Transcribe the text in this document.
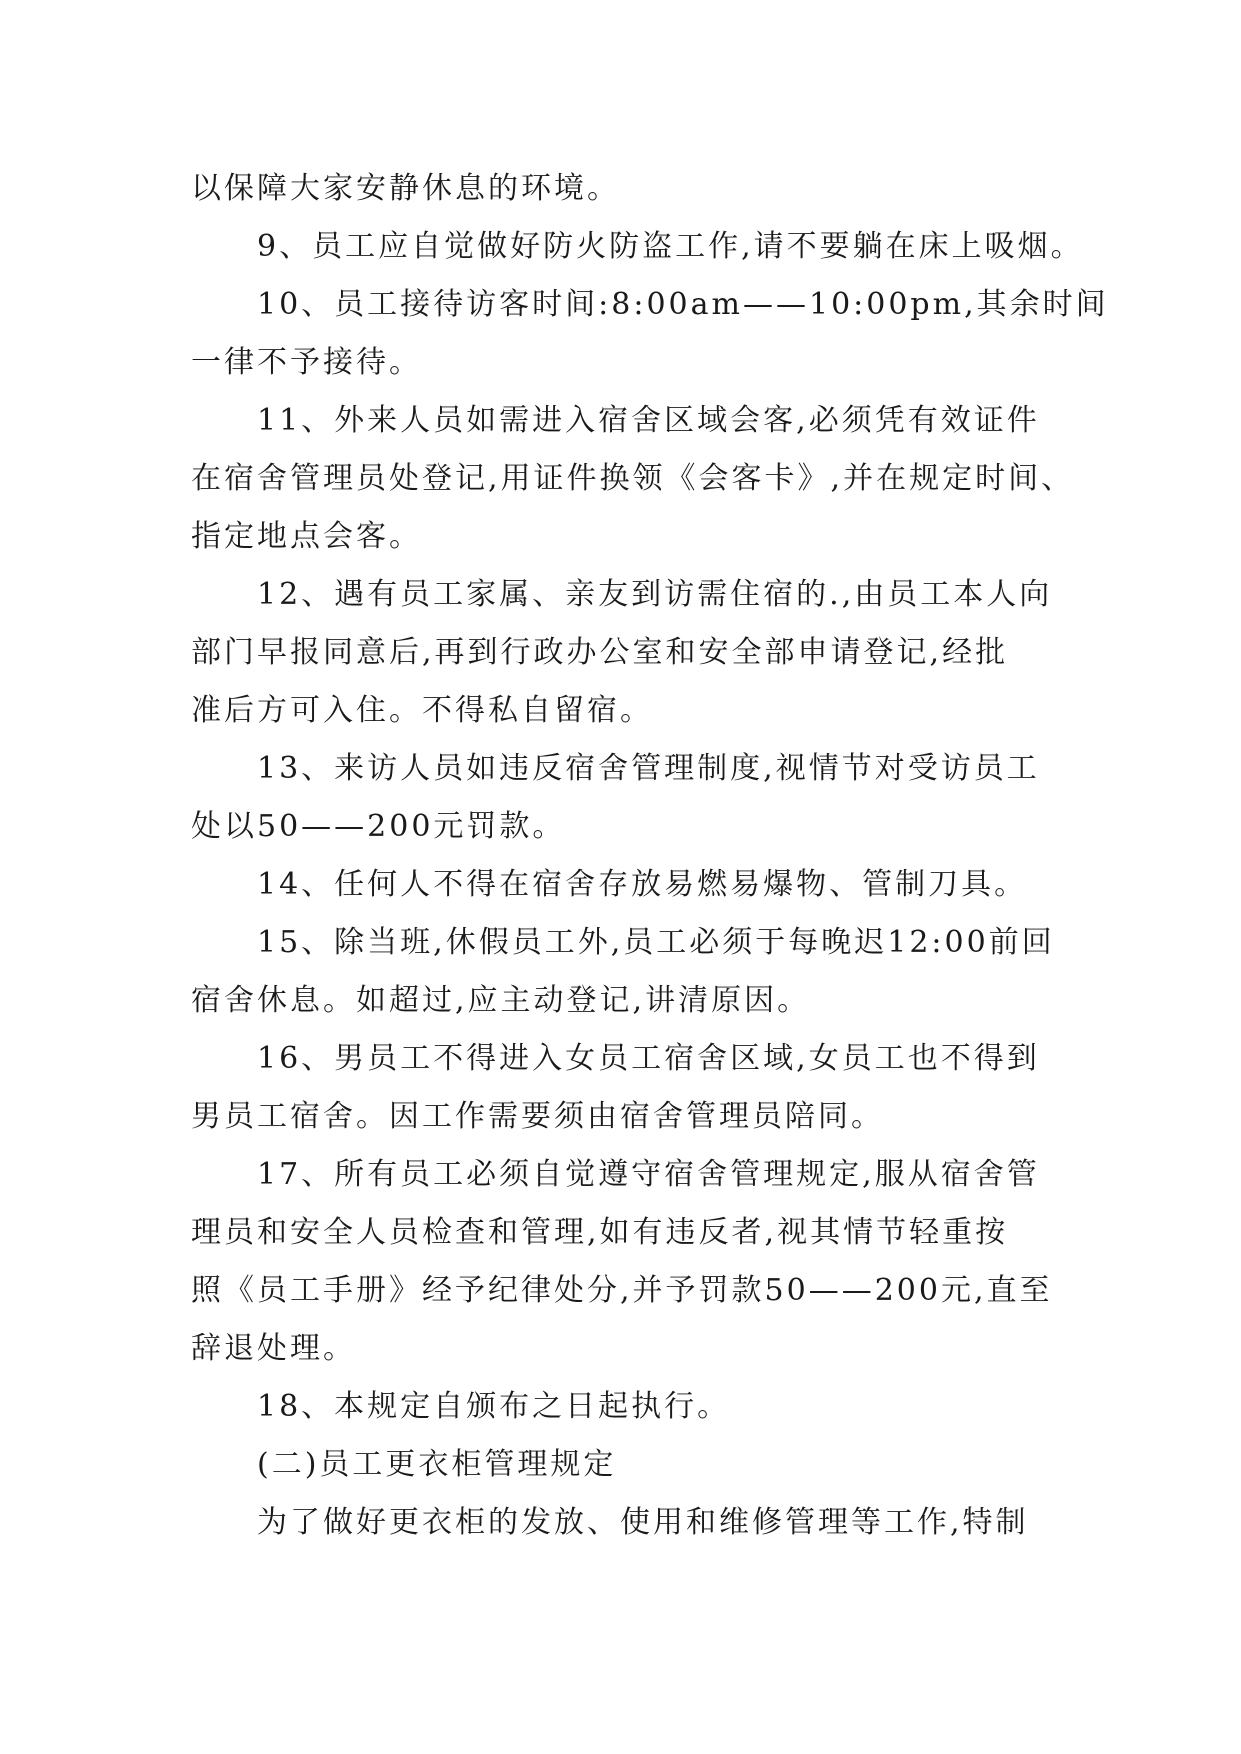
以保障大家安静休息的环境。

9、员工应自觉做好防火防盗工作,请不要躺在床上吸烟。

10、员工接待访客时间:8:00am——10:00pm,其余时间

一律不予接待。

11、外来人员如需进入宿舍区域会客,必须凭有效证件

在宿舍管理员处登记,用证件换领《会客卡》,并在规定时间、

指定地点会客。

12、遇有员工家属、亲友到访需住宿的.,由员工本人向

部门早报同意后,再到行政办公室和安全部申请登记,经批

准后方可入住。不得私自留宿。

13、来访人员如违反宿舍管理制度,视情节对受访员工

处以50——200元罚款。

14、任何人不得在宿舍存放易燃易爆物、管制刀具。

15、除当班,休假员工外,员工必须于每晚迟12:00前回

宿舍休息。如超过,应主动登记,讲清原因。

16、男员工不得进入女员工宿舍区域,女员工也不得到

男员工宿舍。因工作需要须由宿舍管理员陪同。

17、所有员工必须自觉遵守宿舍管理规定,服从宿舍管

理员和安全人员检查和管理,如有违反者,视其情节轻重按

照《员工手册》经予纪律处分,并予罚款50——200元,直至

辞退处理。

18、本规定自颁布之日起执行。

(二)员工更衣柜管理规定

为了做好更衣柜的发放、使用和维修管理等工作,特制
